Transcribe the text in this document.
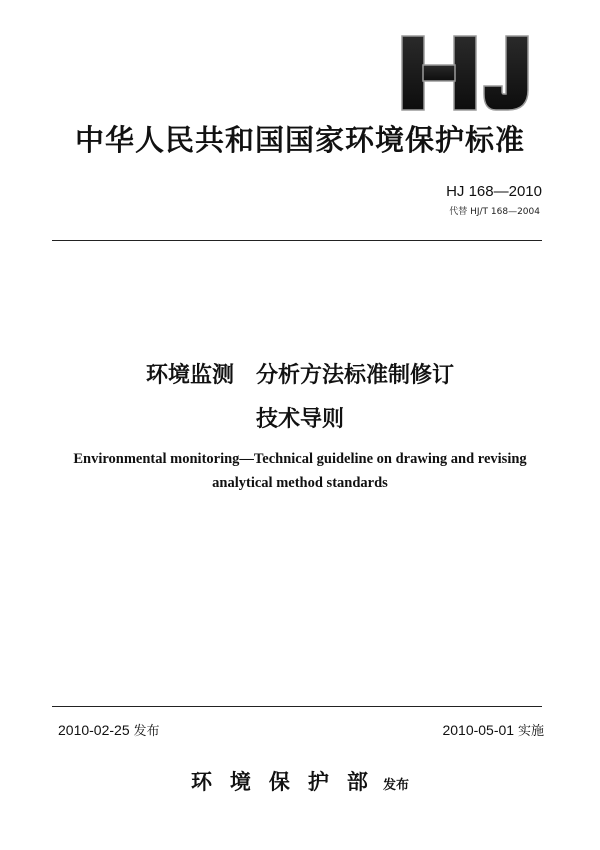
中华人民共和国国家环境保护标准
HJ 168—2010
代替 HJ/T 168—2004
环境监测　分析方法标准制修订
技术导则
Environmental monitoring—Technical guideline on drawing and revising
analytical method standards
2010-02-25 发布	2010-05-01 实施
环境保护部 发布
